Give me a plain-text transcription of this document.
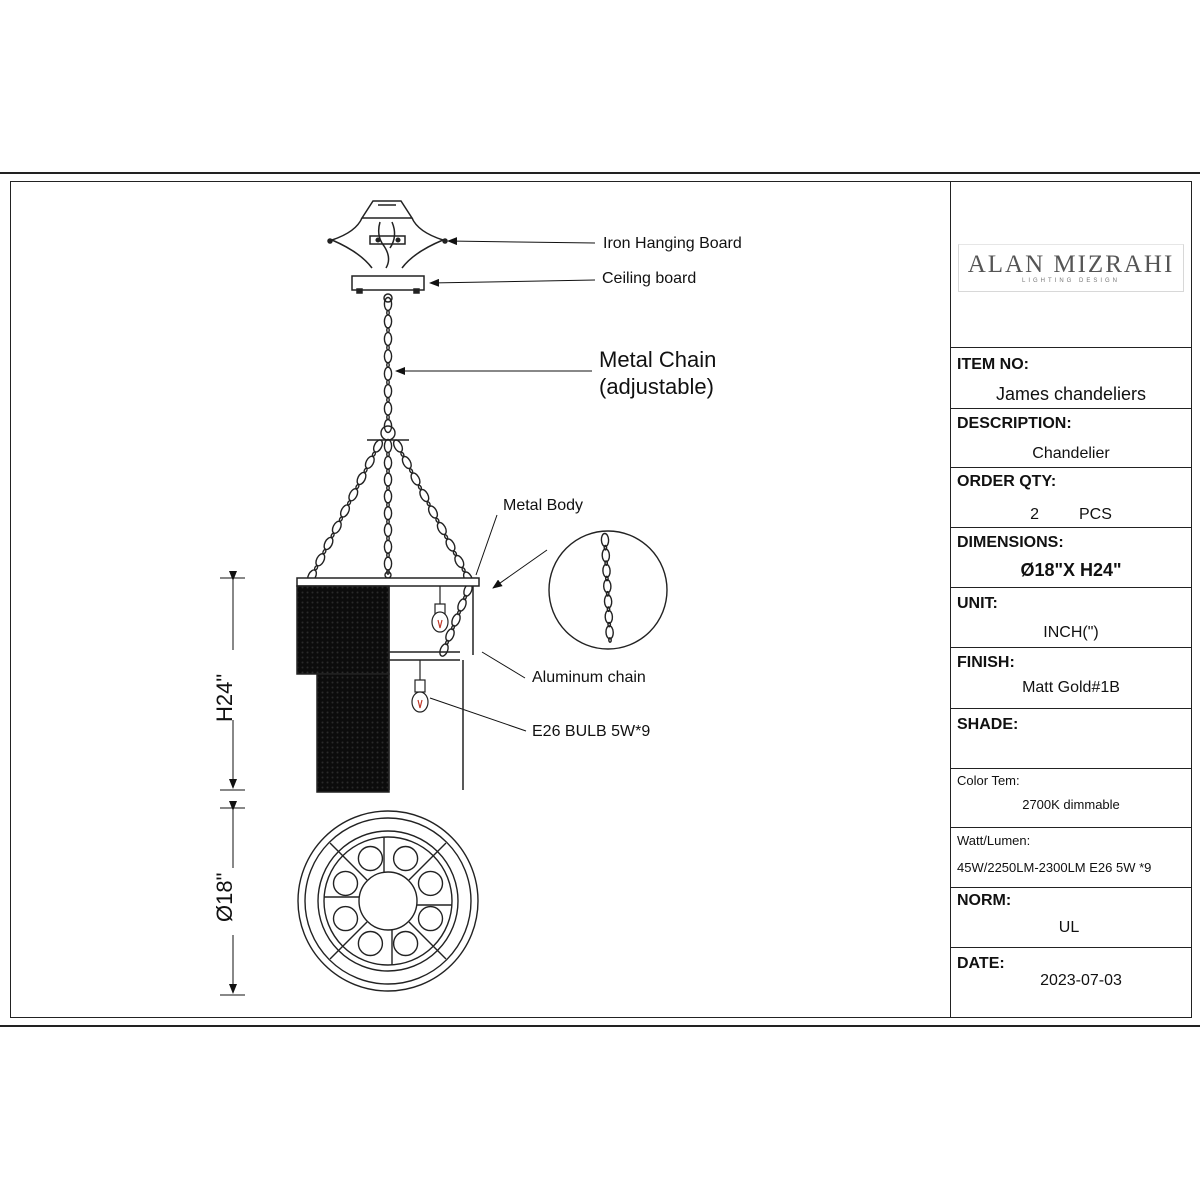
Iron Hanging Board
Ceiling board
Metal Chain
(adjustable)
Metal Body
Aluminum chain
E26 BULB 5W*9
H24"
Ø18"
ALAN MIZRAHI
LIGHTING DESIGN
ITEM NO:
James chandeliers
DESCRIPTION:
Chandelier
ORDER QTY:
2	PCS
DIMENSIONS:
Ø18"X H24"
UNIT:
INCH(")
FINISH:
Matt Gold#1B
SHADE:
Color Tem:
2700K dimmable
Watt/Lumen:
45W/2250LM-2300LM E26 5W *9
NORM:
UL
DATE:
2023-07-03
